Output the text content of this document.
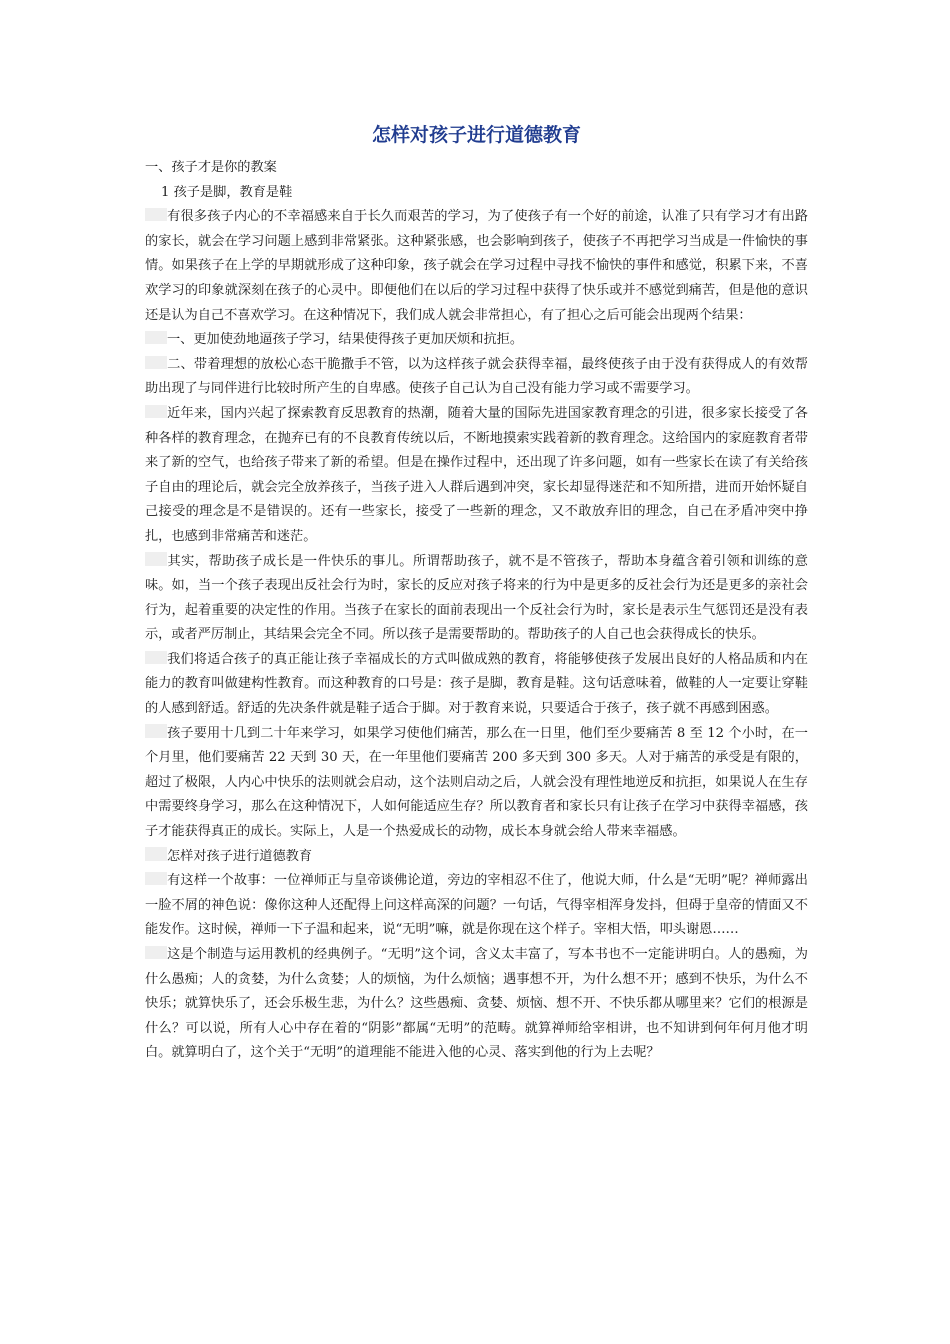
怎样对孩子进行道德教育

一、孩子才是你的教案

1 孩子是脚，教育是鞋

有很多孩子内心的不幸福感来自于长久而艰苦的学习，为了使孩子有一个好的前途，认准了只有学习才有出路的家长，就会在学习问题上感到非常紧张。这种紧张感，也会影响到孩子，使孩子不再把学习当成是一件愉快的事情。如果孩子在上学的早期就形成了这种印象，孩子就会在学习过程中寻找不愉快的事件和感觉，积累下来，不喜欢学习的印象就深刻在孩子的心灵中。即便他们在以后的学习过程中获得了快乐或并不感觉到痛苦，但是他的意识还是认为自己不喜欢学习。在这种情况下，我们成人就会非常担心，有了担心之后可能会出现两个结果：

一、更加使劲地逼孩子学习，结果使得孩子更加厌烦和抗拒。

二、带着理想的放松心态干脆撒手不管，以为这样孩子就会获得幸福，最终使孩子由于没有获得成人的有效帮助出现了与同伴进行比较时所产生的自卑感。使孩子自己认为自己没有能力学习或不需要学习。

近年来，国内兴起了探索教育反思教育的热潮，随着大量的国际先进国家教育理念的引进，很多家长接受了各种各样的教育理念，在抛弃已有的不良教育传统以后，不断地摸索实践着新的教育理念。这给国内的家庭教育者带来了新的空气，也给孩子带来了新的希望。但是在操作过程中，还出现了许多问题，如有一些家长在读了有关给孩子自由的理论后，就会完全放养孩子，当孩子进入人群后遇到冲突，家长却显得迷茫和不知所措，进而开始怀疑自己接受的理念是不是错误的。还有一些家长，接受了一些新的理念，又不敢放弃旧的理念，自己在矛盾冲突中挣扎，也感到非常痛苦和迷茫。

其实，帮助孩子成长是一件快乐的事儿。所谓帮助孩子，就不是不管孩子，帮助本身蕴含着引领和训练的意味。如，当一个孩子表现出反社会行为时，家长的反应对孩子将来的行为中是更多的反社会行为还是更多的亲社会行为，起着重要的决定性的作用。当孩子在家长的面前表现出一个反社会行为时，家长是表示生气惩罚还是没有表示，或者严厉制止，其结果会完全不同。所以孩子是需要帮助的。帮助孩子的人自己也会获得成长的快乐。

我们将适合孩子的真正能让孩子幸福成长的方式叫做成熟的教育，将能够使孩子发展出良好的人格品质和内在能力的教育叫做建构性教育。而这种教育的口号是：孩子是脚，教育是鞋。这句话意味着，做鞋的人一定要让穿鞋的人感到舒适。舒适的先决条件就是鞋子适合于脚。对于教育来说，只要适合于孩子，孩子就不再感到困惑。

孩子要用十几到二十年来学习，如果学习使他们痛苦，那么在一日里，他们至少要痛苦 8 至 12 个小时，在一个月里，他们要痛苦 22 天到 30 天，在一年里他们要痛苦 200 多天到 300 多天。人对于痛苦的承受是有限的，超过了极限，人内心中快乐的法则就会启动，这个法则启动之后，人就会没有理性地逆反和抗拒，如果说人在生存中需要终身学习，那么在这种情况下，人如何能适应生存？所以教育者和家长只有让孩子在学习中获得幸福感，孩子才能获得真正的成长。实际上，人是一个热爱成长的动物，成长本身就会给人带来幸福感。

怎样对孩子进行道德教育

有这样一个故事：一位禅师正与皇帝谈佛论道，旁边的宰相忍不住了，他说大师，什么是“无明”呢？禅师露出一脸不屑的神色说：像你这种人还配得上问这样高深的问题？一句话，气得宰相浑身发抖，但碍于皇帝的情面又不能发作。这时候，禅师一下子温和起来，说“无明”嘛，就是你现在这个样子。宰相大悟，叩头谢恩……

这是个制造与运用教机的经典例子。“无明”这个词，含义太丰富了，写本书也不一定能讲明白。人的愚痴，为什么愚痴；人的贪婪，为什么贪婪；人的烦恼，为什么烦恼；遇事想不开，为什么想不开；感到不快乐，为什么不快乐；就算快乐了，还会乐极生悲，为什么？这些愚痴、贪婪、烦恼、想不开、不快乐都从哪里来？它们的根源是什么？可以说，所有人心中存在着的“阴影”都属“无明”的范畴。就算禅师给宰相讲，也不知讲到何年何月他才明白。就算明白了，这个关于“无明”的道理能不能进入他的心灵、落实到他的行为上去呢？
